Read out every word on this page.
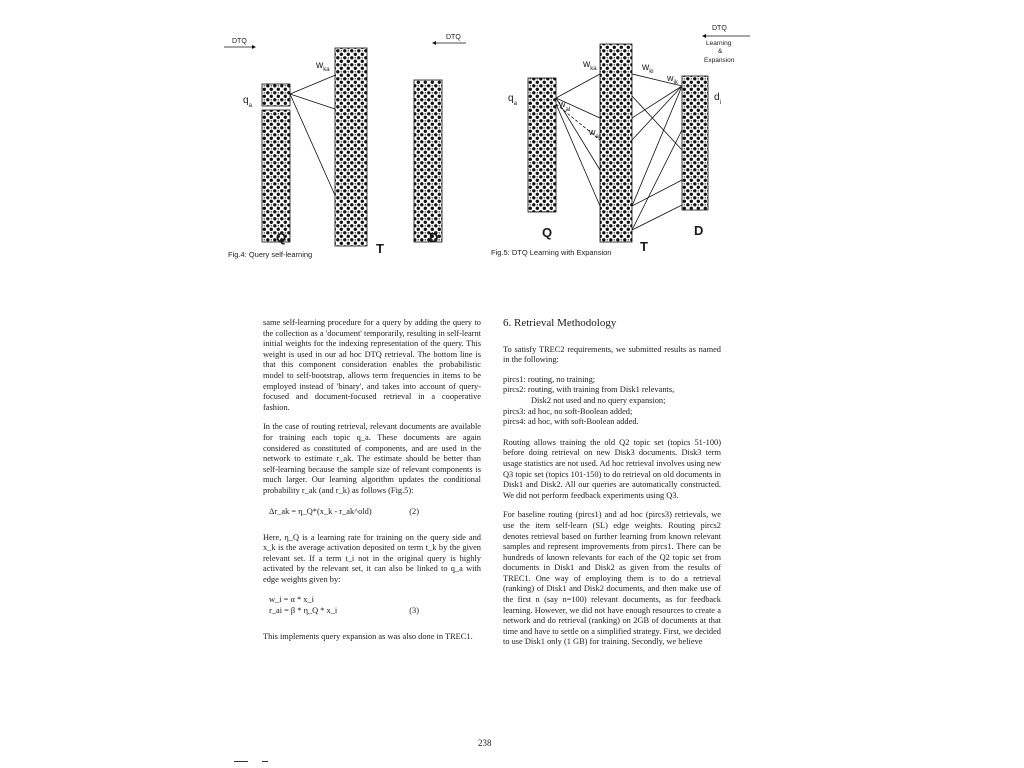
DTQ
DTQ
$w_{ka}$
$q_a$
Q
T
D
DTQ
Learning
&
Expansion
$w_{ka}$	$w_{ki}$
$w_{ik}$
$w_{al}$
$w_{ai}$
$q_a$
$d_i$
Q
T
D
Fig.4: Query self-learning	Fig.5: DTQ Learning with Expansion

same self-learning procedure for a query by adding the query to the collection as a 'document' temporarily, resulting in self-learnt initial weights for the indexing representation of the query. This weight is used in our ad hoc DTQ retrieval. The bottom line is that this component consideration enables the probabilistic model to self-bootstrap, allows term frequencies in items to be employed instead of 'binary', and takes into account of query-focused and document-focused retrieval in a cooperative fashion.

In the case of routing retrieval, relevant documents are available for training each topic q_a. These documents are again considered as constituted of components, and are used in the network to estimate r_ak. The estimate should be better than self-learning because the sample size of relevant components is much larger. Our learning algorithm updates the conditional probability r_ak (and r_k) as follows (Fig.5):

Δr_ak = η_Q*(x_k - r_ak^old)	(2)

Here, η_Q is a learning rate for training on the query side and x_k is the average activation deposited on term t_k by the given relevant set. If a term t_i not in the original query is highly activated by the relevant set, it can also be linked to q_a with edge weights given by:

w_i = α * x_i
r_ai = β * η_Q * x_i	(3)

This implements query expansion as was also done in TREC1.

6. Retrieval Methodology

To satisfy TREC2 requirements, we submitted results as named in the following:

pircs1: routing, no training;
pircs2: routing, with training from Disk1 relevants,
Disk2 not used and no query expansion;
pircs3: ad hoc, no soft-Boolean added;
pircs4: ad hoc, with soft-Boolean added.

Routing allows training the old Q2 topic set (topics 51-100) before doing retrieval on new Disk3 documents. Disk3 term usage statistics are not used. Ad hoc retrieval involves using new Q3 topic set (topics 101-150) to do retrieval on old documents in Disk1 and Disk2. All our queries are automatically constructed. We did not perform feedback experiments using Q3.

For baseline routing (pircs1) and ad hoc (pircs3) retrievals, we use the item self-learn (SL) edge weights. Routing pircs2 denotes retrieval based on further learning from known relevant samples and represent improvements from pircs1. There can be hundreds of known relevants for each of the Q2 topic set from documents in Disk1 and Disk2 as given from the results of TREC1. One way of employing them is to do a retrieval (ranking) of Disk1 and Disk2 documents, and then make use of the first n (say n=100) relevant documents, as for feedback learning. However, we did not have enough resources to create a network and do retrieval (ranking) on 2GB of documents at that time and have to settle on a simplified strategy. First, we decided to use Disk1 only (1 GB) for training. Secondly, we believe

238
